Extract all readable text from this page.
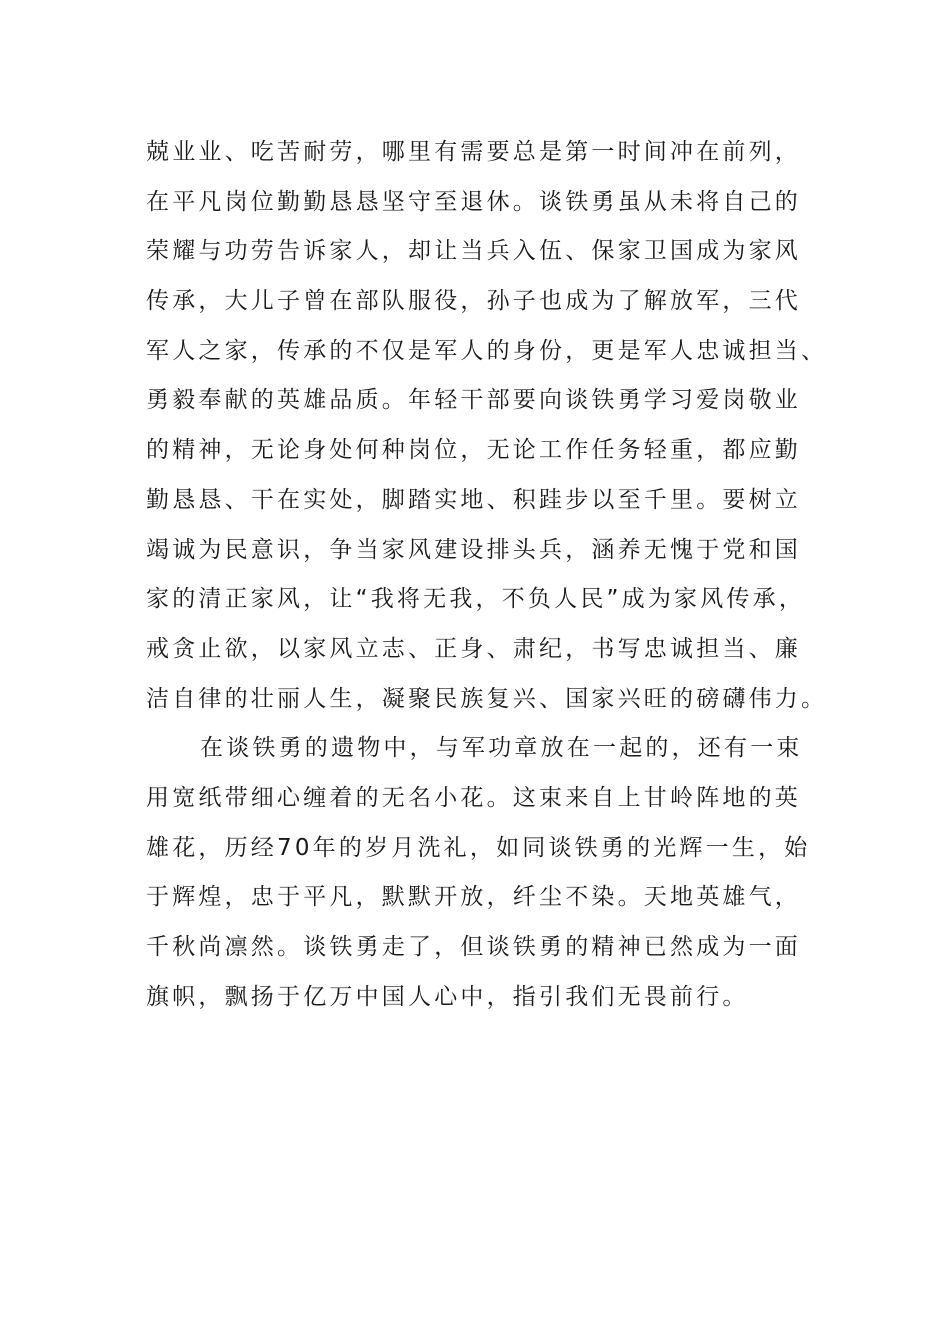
兢业业、吃苦耐劳，哪里有需要总是第一时间冲在前列，
在平凡岗位勤勤恳恳坚守至退休。谈铁勇虽从未将自己的
荣耀与功劳告诉家人，却让当兵入伍、保家卫国成为家风
传承，大儿子曾在部队服役，孙子也成为了解放军，三代
军人之家，传承的不仅是军人的身份，更是军人忠诚担当、
勇毅奉献的英雄品质。年轻干部要向谈铁勇学习爱岗敬业
的精神，无论身处何种岗位，无论工作任务轻重，都应勤
勤恳恳、干在实处，脚踏实地、积跬步以至千里。要树立
竭诚为民意识，争当家风建设排头兵，涵养无愧于党和国
家的清正家风，让“我将无我，不负人民”成为家风传承，
戒贪止欲，以家风立志、正身、肃纪，书写忠诚担当、廉
洁自律的壮丽人生，凝聚民族复兴、国家兴旺的磅礴伟力。
在谈铁勇的遗物中，与军功章放在一起的，还有一束
用宽纸带细心缠着的无名小花。这束来自上甘岭阵地的英
雄花，历经70年的岁月洗礼，如同谈铁勇的光辉一生，始
于辉煌，忠于平凡，默默开放，纤尘不染。天地英雄气，
千秋尚凛然。谈铁勇走了，但谈铁勇的精神已然成为一面
旗帜，飘扬于亿万中国人心中，指引我们无畏前行。
